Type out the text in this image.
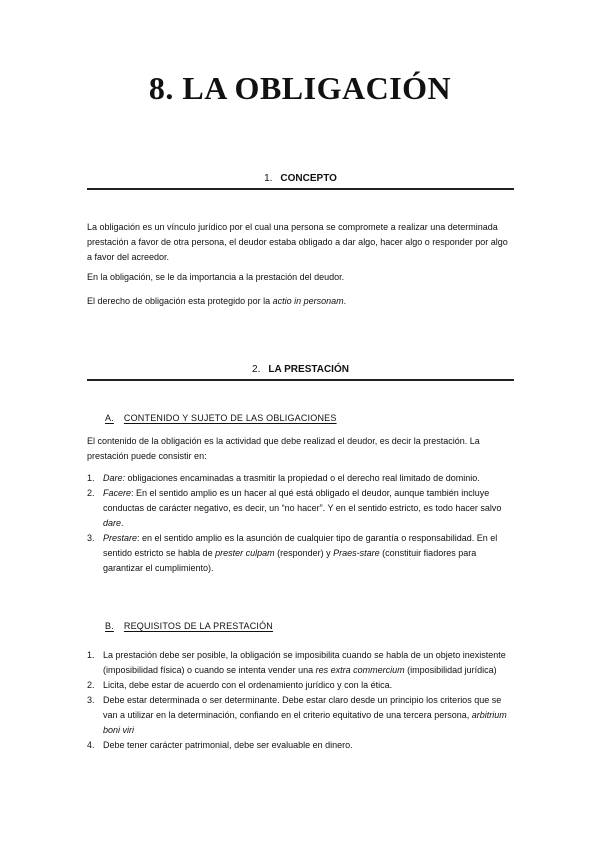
8. LA OBLIGACIÓN
1. CONCEPTO

La obligación es un vínculo jurídico por el cual una persona se compromete a realizar una determinada prestación a favor de otra persona, el deudor estaba obligado a dar algo, hacer algo o responder por algo a favor del acreedor.

En la obligación, se le da importancia a la prestación del deudor.

El derecho de obligación esta protegido por la actio in personam.

2. LA PRESTACIÓN
A. CONTENIDO Y SUJETO DE LAS OBLIGACIONES

El contenido de la obligación es la actividad que debe realizad el deudor, es decir la prestación. La prestación puede consistir en:

1. Dare: obligaciones encaminadas a trasmitir la propiedad o el derecho real limitado de dominio.
2. Facere: En el sentido amplio es un hacer al qué está obligado el deudor, aunque también incluye conductas de carácter negativo, es decir, un “no hacer”. Y en el sentido estricto, es todo hacer salvo dare.
3. Prestare: en el sentido amplio es la asunción de cualquier tipo de garantía o responsabilidad. En el sentido estricto se habla de prester culpam (responder) y Praes-stare (constituir fiadores para garantizar el cumplimiento).
B. REQUISITOS DE LA PRESTACIÓN
1. La prestación debe ser posible, la obligación se imposibilita cuando se habla de un objeto inexistente (imposibilidad física) o cuando se intenta vender una res extra commercium (imposibilidad jurídica)
2. Licita, debe estar de acuerdo con el ordenamiento jurídico y con la ética.
3. Debe estar determinada o ser determinante. Debe estar claro desde un principio los criterios que se van a utilizar en la determinación, confiando en el criterio equitativo de una tercera persona, arbitrium boni viri
4. Debe tener carácter patrimonial, debe ser evaluable en dinero.
